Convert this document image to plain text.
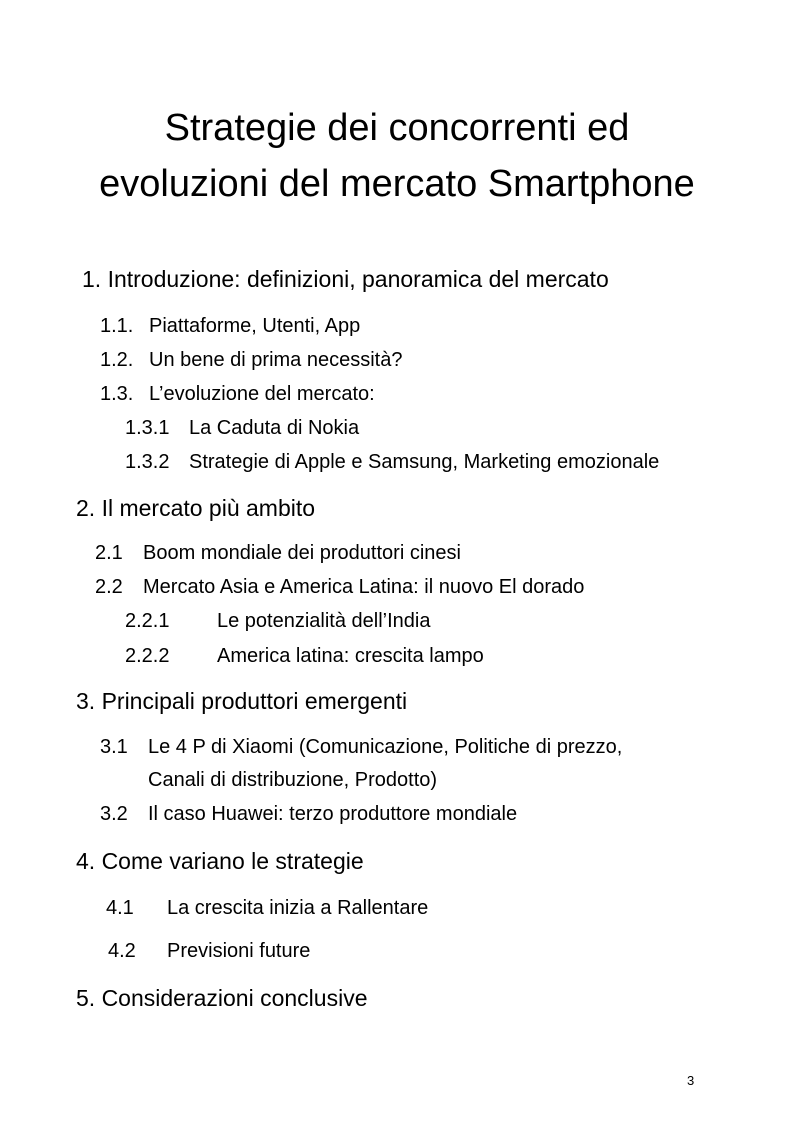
Strategie dei concorrenti ed
evoluzioni del mercato Smartphone
1. Introduzione: definizioni, panoramica del mercato
1.1. Piattaforme, Utenti, App
1.2. Un bene di prima necessità?
1.3. L’evoluzione del mercato:
1.3.1 La Caduta di Nokia
1.3.2 Strategie di Apple e Samsung, Marketing emozionale
2. Il mercato più ambito
2.1 Boom mondiale dei produttori cinesi
2.2 Mercato Asia e America Latina: il nuovo El dorado
2.2.1 Le potenzialità dell’India
2.2.2 America latina: crescita lampo
3. Principali produttori emergenti
3.1 Le 4 P di Xiaomi (Comunicazione, Politiche di prezzo,
Canali di distribuzione, Prodotto)
3.2 Il caso Huawei: terzo produttore mondiale
4. Come variano le strategie
4.1 La crescita inizia a Rallentare
4.2 Previsioni future
5. Considerazioni conclusive
3
